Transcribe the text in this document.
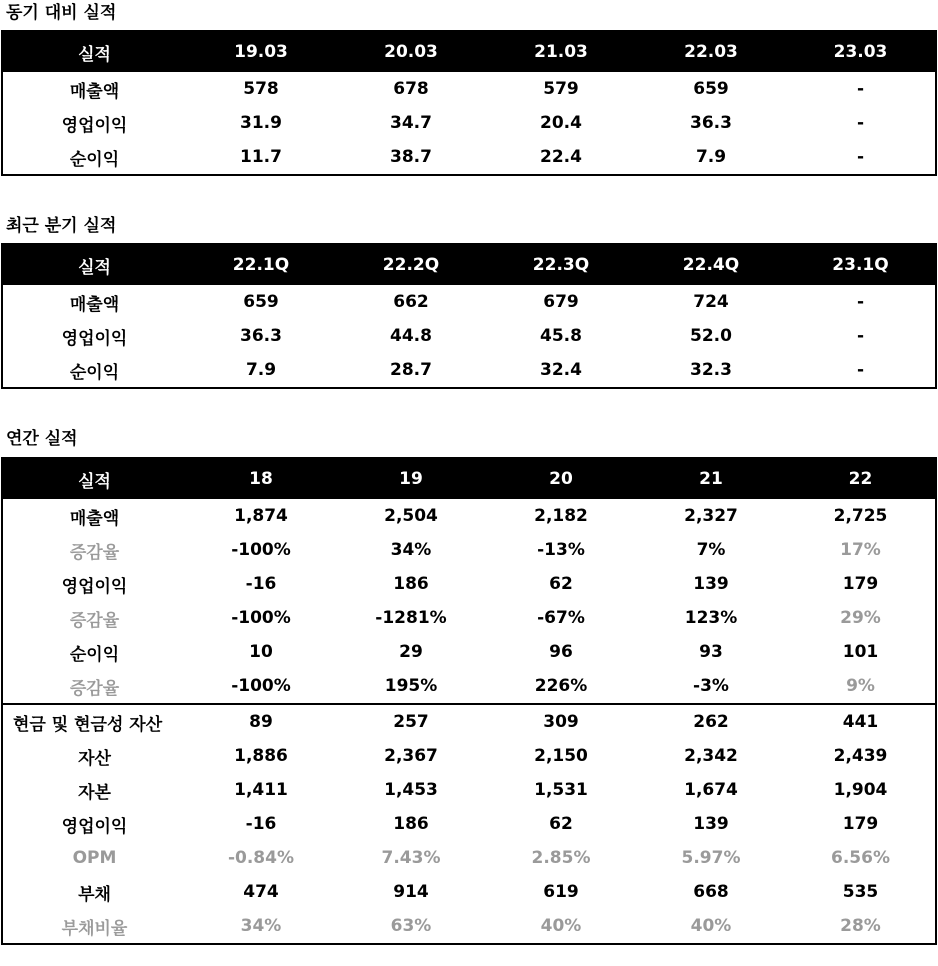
동기 대비 실적
실적	19.03	20.03	21.03	22.03	23.03
매출액	578	678	579	659	-
영업이익	31.9	34.7	20.4	36.3	-
순이익	11.7	38.7	22.4	7.9	-
최근 분기 실적
실적	22.1Q	22.2Q	22.3Q	22.4Q	23.1Q
매출액	659	662	679	724	-
영업이익	36.3	44.8	45.8	52.0	-
순이익	7.9	28.7	32.4	32.3	-
연간 실적
실적	18	19	20	21	22
매출액	1,874	2,504	2,182	2,327	2,725
증감율	-100%	34%	-13%	7%	17%
영업이익	-16	186	62	139	179
증감율	-100%	-1281%	-67%	123%	29%
순이익	10	29	96	93	101
증감율	-100%	195%	226%	-3%	9%
현금 및 현금성 자산	89	257	309	262	441
자산	1,886	2,367	2,150	2,342	2,439
자본	1,411	1,453	1,531	1,674	1,904
영업이익	-16	186	62	139	179
OPM	-0.84%	7.43%	2.85%	5.97%	6.56%
부채	474	914	619	668	535
부채비율	34%	63%	40%	40%	28%
